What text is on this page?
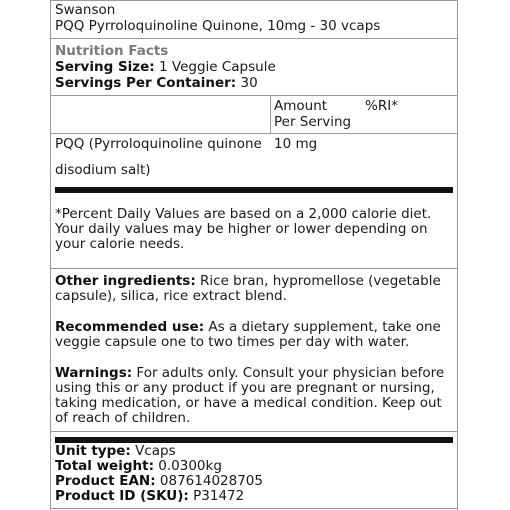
Swanson
PQQ Pyrroloquinoline Quinone, 10mg - 30 vcaps
Nutrition Facts
Serving Size: 1 Veggie Capsule
Servings Per Container: 30
Amount
Per Serving
%RI*
PQQ (Pyrroloquinoline quinone 10 mg
disodium salt)
*Percent Daily Values are based on a 2,000 calorie diet.
Your daily values may be higher or lower depending on
your calorie needs.
Other ingredients: Rice bran, hypromellose (vegetable
capsule), silica, rice extract blend.
Recommended use: As a dietary supplement, take one
veggie capsule one to two times per day with water.
Warnings: For adults only. Consult your physician before
using this or any product if you are pregnant or nursing,
taking medication, or have a medical condition. Keep out
of reach of children.
Unit type: Vcaps
Total weight: 0.0300kg
Product EAN: 087614028705
Product ID (SKU): P31472
